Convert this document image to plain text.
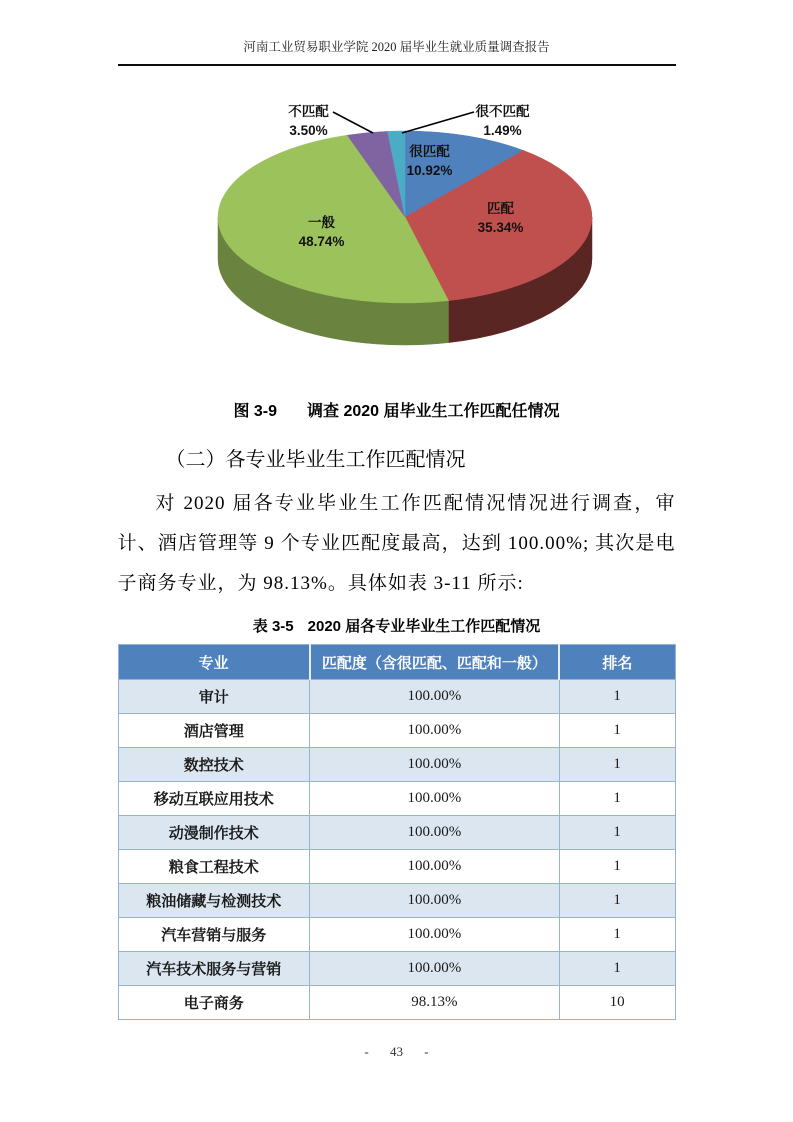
河南工业贸易职业学院 2020 届毕业生就业质量调查报告
不匹配
3.50%
很不匹配
1.49%
很匹配
10.92%
匹配
35.34%
一般
48.74%
图 3-9 调查 2020 届毕业生工作匹配任情况
（二）各专业毕业生工作匹配情况

对 2020 届各专业毕业生工作匹配情况情况进行调查，审计、酒店管理等 9 个专业匹配度最高，达到 100.00%; 其次是电子商务专业，为 98.13%。具体如表 3-11 所示:

表 3-5 2020 届各专业毕业生工作匹配情况
专业	匹配度（含很匹配、匹配和一般）	排名
审计	100.00%	1
酒店管理	100.00%	1
数控技术	100.00%	1
移动互联应用技术	100.00%	1
动漫制作技术	100.00%	1
粮食工程技术	100.00%	1
粮油储藏与检测技术	100.00%	1
汽车营销与服务	100.00%	1
汽车技术服务与营销	100.00%	1
电子商务	98.13%	10
- 43 -
